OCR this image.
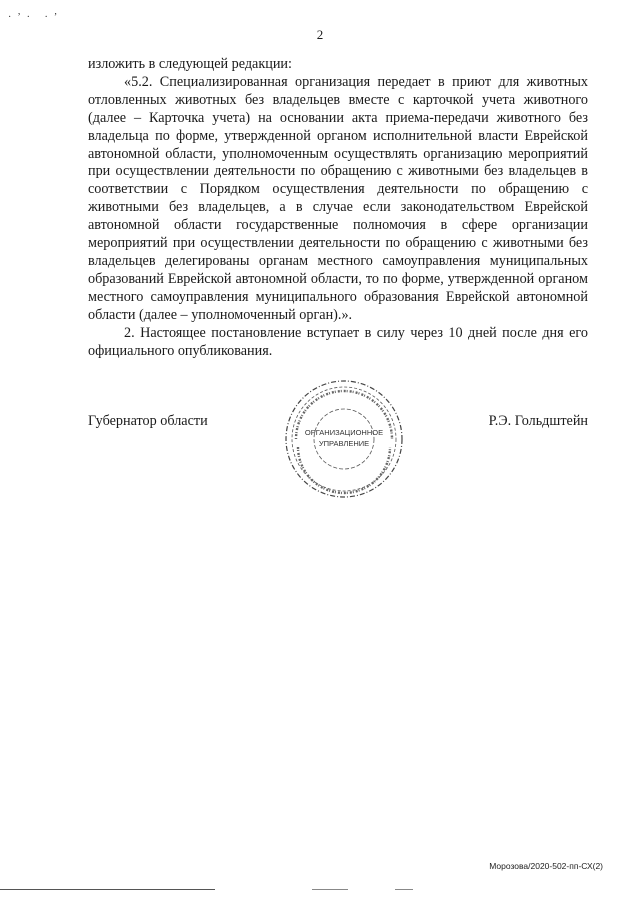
·’· ·’
2

изложить в следующей редакции:

«5.2. Специализированная организация передает в приют для животных отловленных животных без владельцев вместе с карточкой учета животного (далее – Карточка учета) на основании акта приема-передачи животного без владельца по форме, утвержденной органом исполнительной власти Еврейской автономной области, уполномоченным осуществлять организацию мероприятий при осуществлении деятельности по обращению с животными без владельцев в соответствии с Порядком осуществления деятельности по обращению с животными без владельцев, а в случае если законодательством Еврейской автономной области государственные полномочия в сфере организации мероприятий при осуществлении деятельности по обращению с животными без владельцев делегированы органам местного самоуправления муниципальных образований Еврейской автономной области, то по форме, утвержденной органом местного самоуправления муниципального образования Еврейской автономной области (далее – уполномоченный орган).».

2. Настоящее постановление вступает в силу через 10 дней после дня его официального опубликования.

Губернатор области
ОРГАНИЗАЦИОННОЕ
УПРАВЛЕНИЕ
Р.Э. Гольдштейн
Морозова/2020-502-пп-СХ(2)
